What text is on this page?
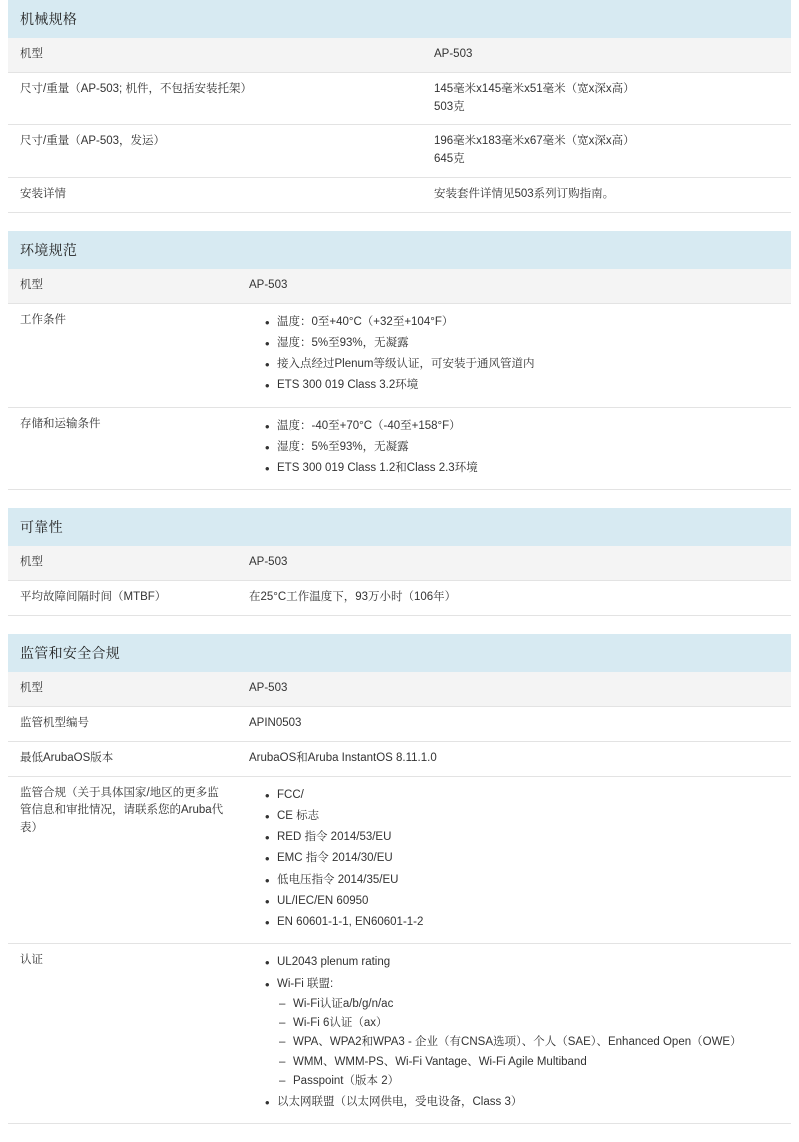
机械规格
机型	AP-503
尺寸/重量（AP-503; 机件，不包括安装托架）	145毫米x145毫米x51毫米（宽x深x高）
503克

尺寸/重量（AP-503，发运）	196毫米x183毫米x67毫米（宽x深x高）
645克

安装详情	安装套件详情见503系列订购指南。
环境规范
机型	AP-503
工作条件	
•温度：0至+40°C（+32至+104°F）
• 湿度：5%至93%，无凝露
• 接入点经过Plenum等级认证，可安装于通风管道内
• ETS 300 019 Class 3.2环境

存储和运输条件	
•温度：-40至+70°C（-40至+158°F）
• 湿度：5%至93%，无凝露
• ETS 300 019 Class 1.2和Class 2.3环境
可靠性
机型	AP-503
平均故障间隔时间（MTBF）	在25°C工作温度下，93万小时（106年）
监管和安全合规
机型	AP-503
监管机型编号	APIN0503
最低ArubaOS版本	ArubaOS和Aruba InstantOS 8.11.1.0
监管合规（关于具体国家/地区的更多监管信息和审批情况，请联系您的Aruba代表）	
• FCC/
• CE 标志
• RED 指令 2014/53/EU
• EMC 指令 2014/30/EU
• 低电压指令 2014/35/EU
• UL/IEC/EN 60950
• EN 60601-1-1, EN60601-1-2

认证	
•UL2043 plenum rating
• Wi-Fi 联盟:
– Wi-Fi认证a/b/g/n/ac
– Wi-Fi 6认证（ax）
– WPA、WPA2和WPA3 - 企业（有CNSA选项）、个人（SAE）、Enhanced Open（OWE）
– WMM、WMM-PS、Wi-Fi Vantage、Wi-Fi Agile Multiband
– Passpoint（版本 2）
• 以太网联盟（以太网供电，受电设备，Class 3）
